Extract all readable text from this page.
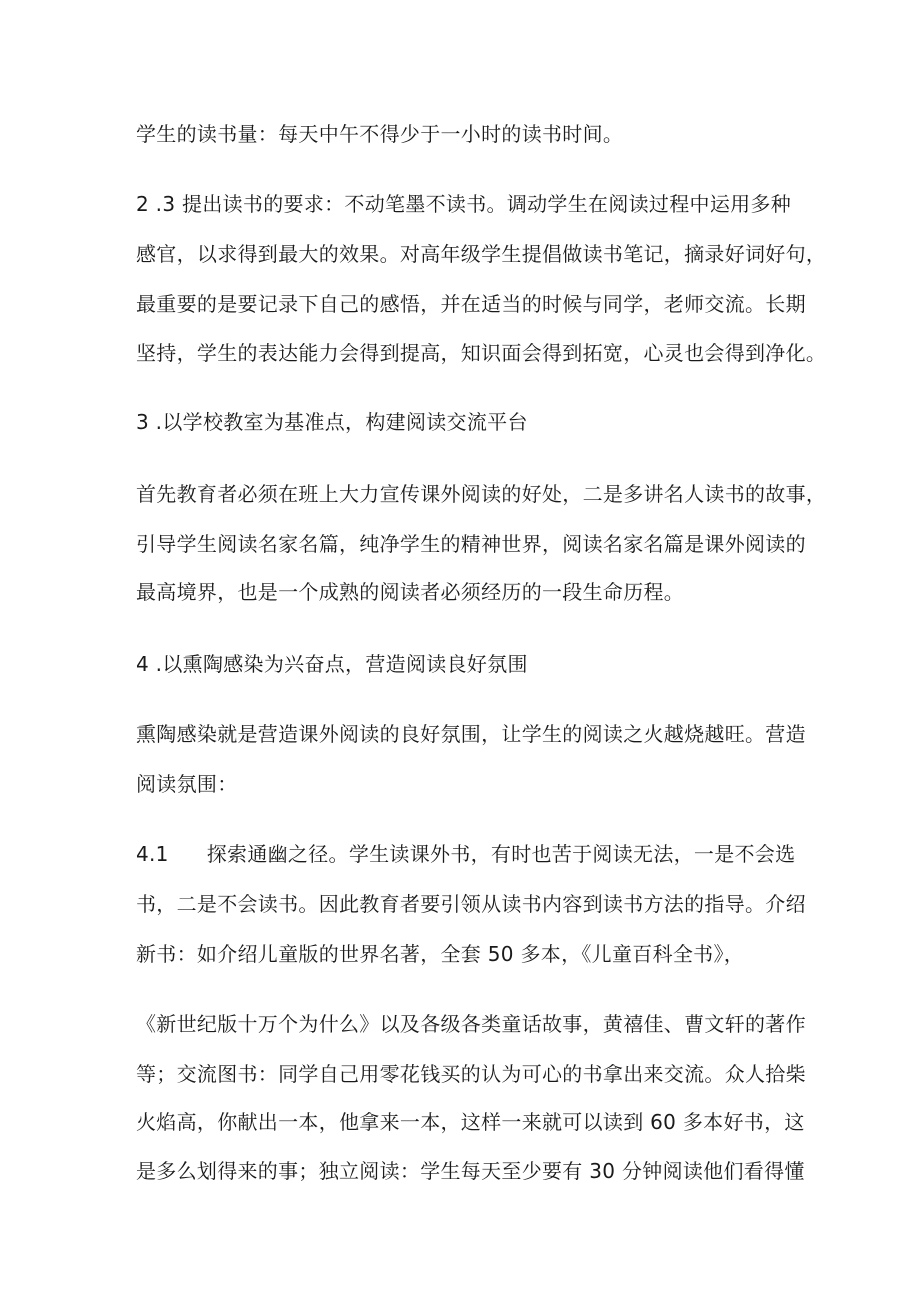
学生的读书量：每天中午不得少于一小时的读书时间。

2 .3 提出读书的要求：不动笔墨不读书。调动学生在阅读过程中运用多种

感官，以求得到最大的效果。对高年级学生提倡做读书笔记，摘录好词好句，

最重要的是要记录下自己的感悟，并在适当的时候与同学，老师交流。长期

坚持，学生的表达能力会得到提高，知识面会得到拓宽，心灵也会得到净化。

3 .以学校教室为基准点，构建阅读交流平台

首先教育者必须在班上大力宣传课外阅读的好处，二是多讲名人读书的故事，

引导学生阅读名家名篇，纯净学生的精神世界，阅读名家名篇是课外阅读的

最高境界，也是一个成熟的阅读者必须经历的一段生命历程。

4 .以熏陶感染为兴奋点，营造阅读良好氛围

熏陶感染就是营造课外阅读的良好氛围，让学生的阅读之火越烧越旺。营造

阅读氛围：

4.1 探索通幽之径。学生读课外书，有时也苦于阅读无法，一是不会选

书，二是不会读书。因此教育者要引领从读书内容到读书方法的指导。介绍

新书：如介绍儿童版的世界名著，全套 50 多本，《儿童百科全书》，

《新世纪版十万个为什么》以及各级各类童话故事，黄禧佳、曹文轩的著作

等；交流图书：同学自己用零花钱买的认为可心的书拿出来交流。众人拾柴

火焰高，你献出一本，他拿来一本，这样一来就可以读到 60 多本好书，这

是多么划得来的事；独立阅读：学生每天至少要有 30 分钟阅读他们看得懂
